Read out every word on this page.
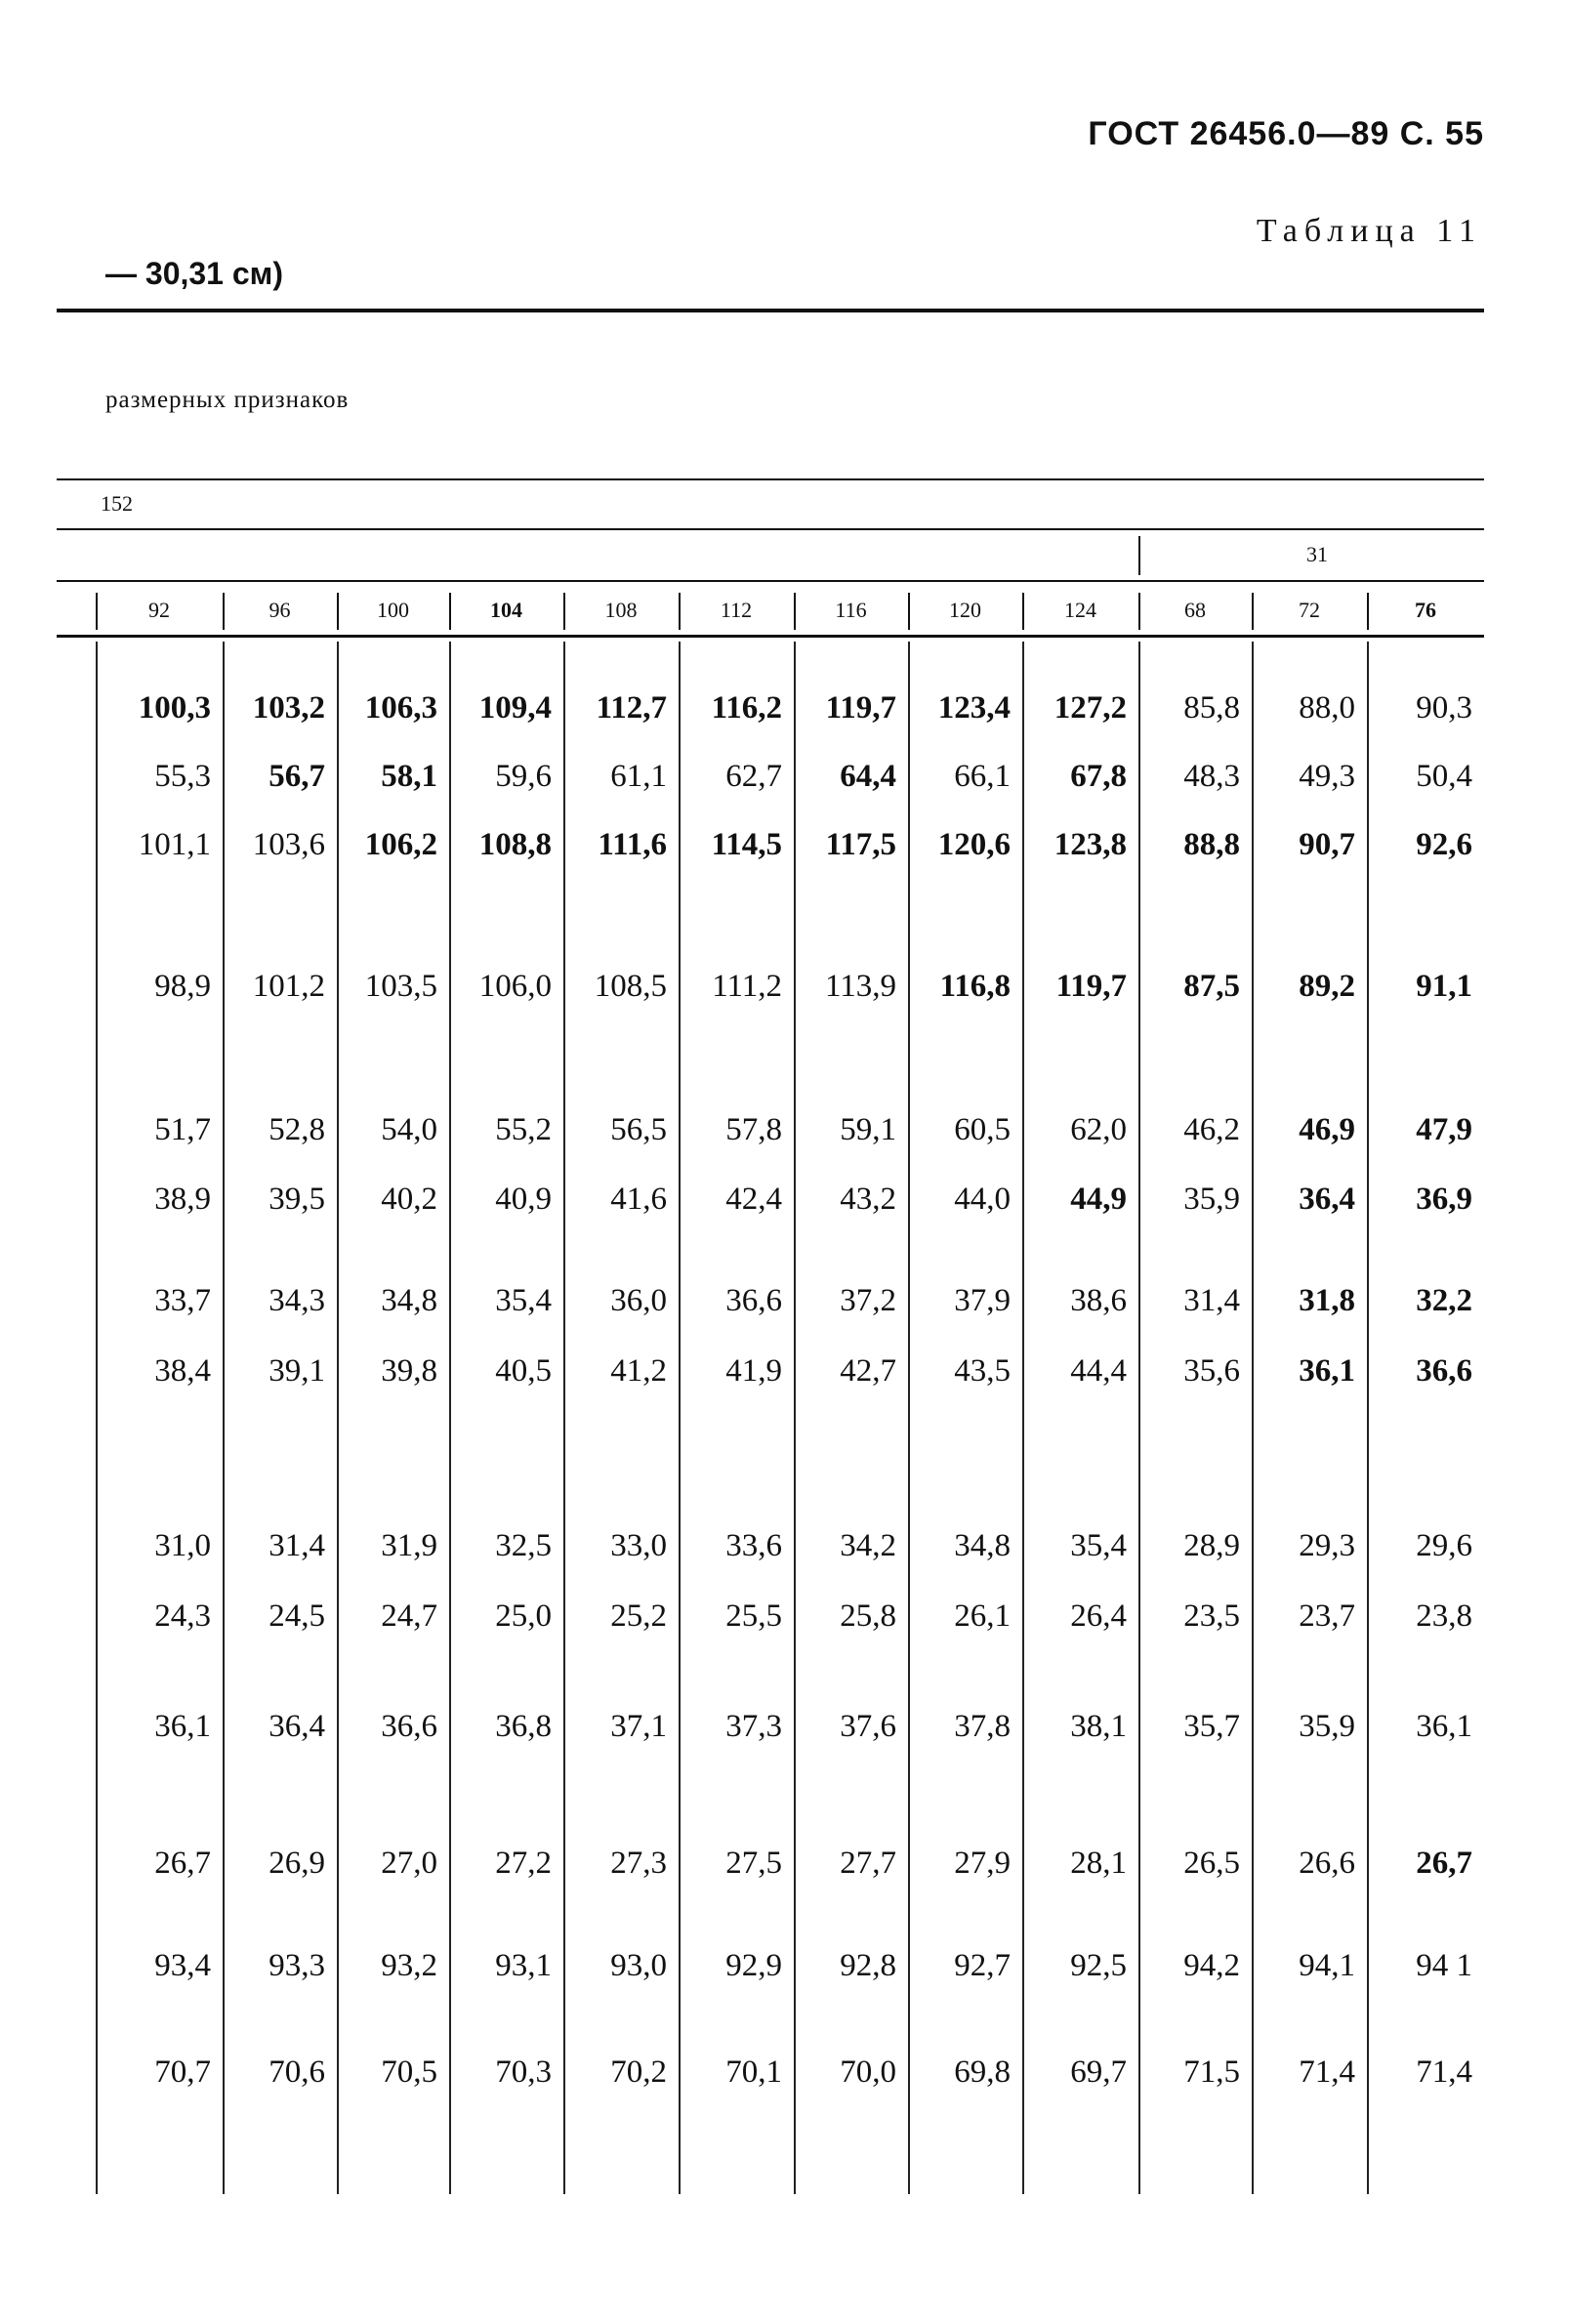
ГОСТ 26456.0—89 С. 55
Таблица 11
— 30,31 см)
размерных признаков
152
31
92	96	100	104	108	112	116	120	124	68	72	76
100,3	103,2	106,3	109,4	112,7	116,2	119,7	123,4	127,2	85,8	88,0	90,3
55,3	56,7	58,1	59,6	61,1	62,7	64,4	66,1	67,8	48,3	49,3	50,4
101,1	103,6	106,2	108,8	111,6	114,5	117,5	120,6	123,8	88,8	90,7	92,6
98,9	101,2	103,5	106,0	108,5	111,2	113,9	116,8	119,7	87,5	89,2	91,1
51,7	52,8	54,0	55,2	56,5	57,8	59,1	60,5	62,0	46,2	46,9	47,9
38,9	39,5	40,2	40,9	41,6	42,4	43,2	44,0	44,9	35,9	36,4	36,9
33,7	34,3	34,8	35,4	36,0	36,6	37,2	37,9	38,6	31,4	31,8	32,2
38,4	39,1	39,8	40,5	41,2	41,9	42,7	43,5	44,4	35,6	36,1	36,6
31,0	31,4	31,9	32,5	33,0	33,6	34,2	34,8	35,4	28,9	29,3	29,6
24,3	24,5	24,7	25,0	25,2	25,5	25,8	26,1	26,4	23,5	23,7	23,8
36,1	36,4	36,6	36,8	37,1	37,3	37,6	37,8	38,1	35,7	35,9	36,1
26,7	26,9	27,0	27,2	27,3	27,5	27,7	27,9	28,1	26,5	26,6	26,7
93,4	93,3	93,2	93,1	93,0	92,9	92,8	92,7	92,5	94,2	94,1	94 1
70,7	70,6	70,5	70,3	70,2	70,1	70,0	69,8	69,7	71,5	71,4	71,4
